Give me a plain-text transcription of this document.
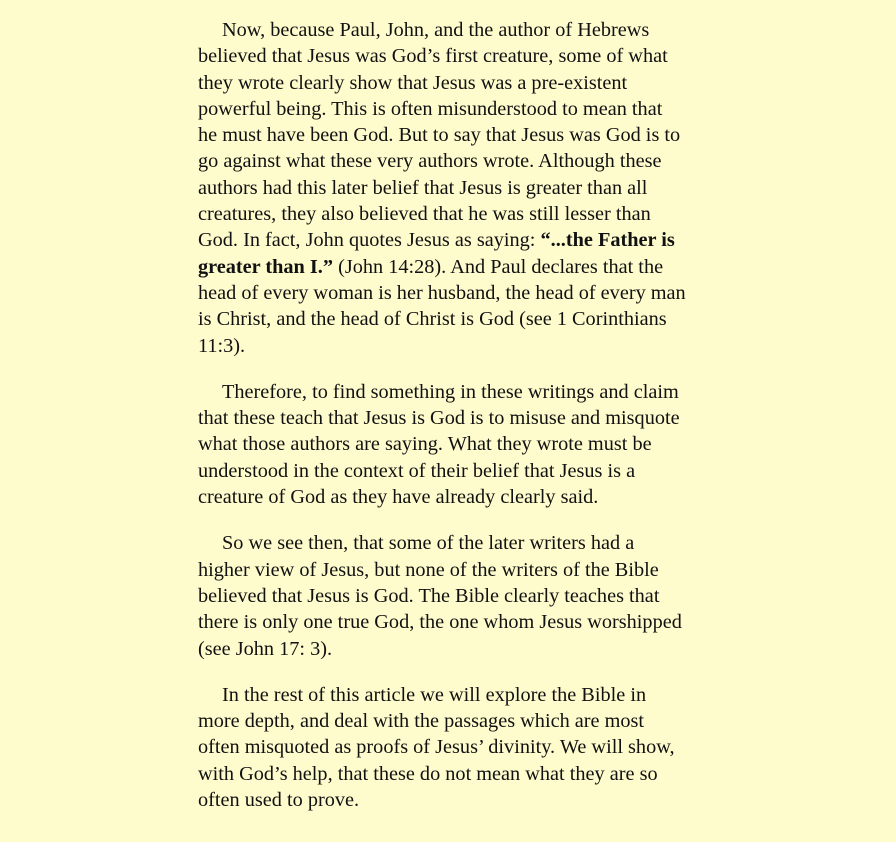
Now, because Paul, John, and the author of Hebrews
believed that Jesus was God’s first creature, some of what
they wrote clearly show that Jesus was a pre-existent
powerful being. This is often misunderstood to mean that
he must have been God. But to say that Jesus was God is to
go against what these very authors wrote. Although these
authors had this later belief that Jesus is greater than all
creatures, they also believed that he was still lesser than
God. In fact, John quotes Jesus as saying: “...the Father is
greater than I.” (John 14:28). And Paul declares that the
head of every woman is her husband, the head of every man
is Christ, and the head of Christ is God (see 1 Corinthians
11:3).

Therefore, to find something in these writings and claim
that these teach that Jesus is God is to misuse and misquote
what those authors are saying. What they wrote must be
understood in the context of their belief that Jesus is a
creature of God as they have already clearly said.

So we see then, that some of the later writers had a
higher view of Jesus, but none of the writers of the Bible
believed that Jesus is God. The Bible clearly teaches that
there is only one true God, the one whom Jesus worshipped
(see John 17: 3).

In the rest of this article we will explore the Bible in
more depth, and deal with the passages which are most
often misquoted as proofs of Jesus’ divinity. We will show,
with God’s help, that these do not mean what they are so
often used to prove.
